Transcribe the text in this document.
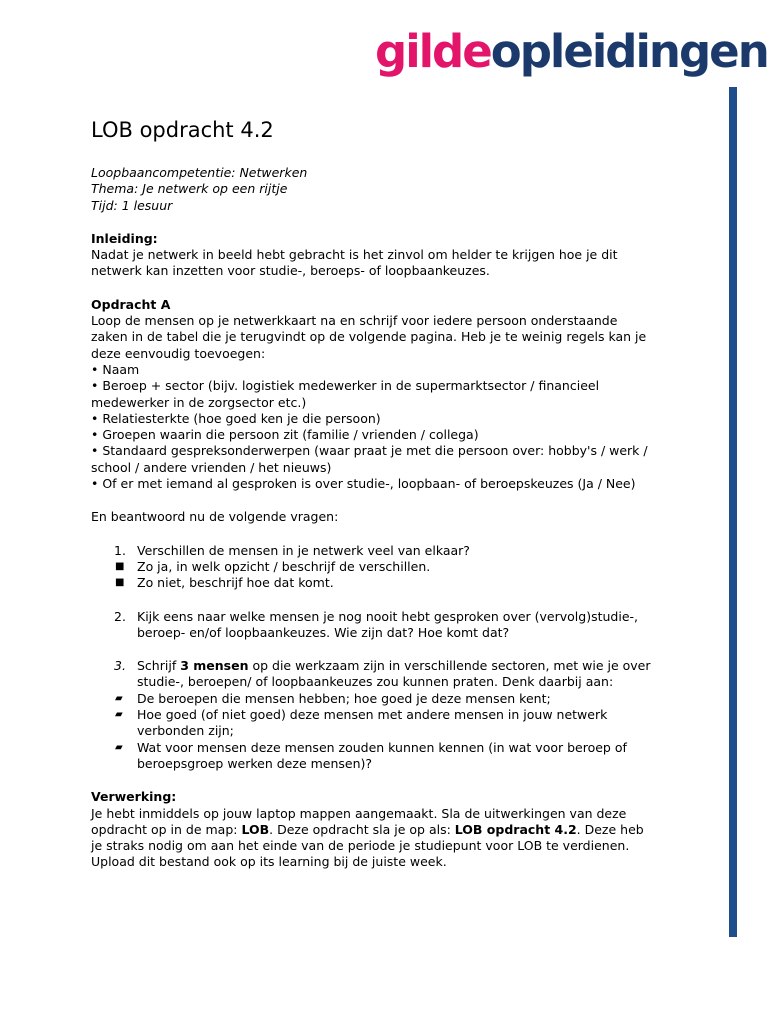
gildeopleidingen
LOB opdracht 4.2
Loopbaancompetentie: Netwerken
Thema: Je netwerk op een rijtje
Tijd: 1 lesuur
Inleiding:
Nadat je netwerk in beeld hebt gebracht is het zinvol om helder te krijgen hoe je dit netwerk kan inzetten voor studie-, beroeps- of loopbaankeuzes.
Opdracht A
Loop de mensen op je netwerkkaart na en schrijf voor iedere persoon onderstaande zaken in de tabel die je terugvindt op de volgende pagina. Heb je te weinig regels kan je deze eenvoudig toevoegen:
• Naam
• Beroep + sector (bijv. logistiek medewerker in de supermarktsector / financieel medewerker in de zorgsector etc.)
• Relatiesterkte (hoe goed ken je die persoon)
• Groepen waarin die persoon zit (familie / vrienden / collega)
• Standaard gespreksonderwerpen (waar praat je met die persoon over: hobby's / werk / school / andere vrienden / het nieuws)
• Of er met iemand al gesproken is over studie-, loopbaan- of beroepskeuzes (Ja / Nee)
En beantwoord nu de volgende vragen:
1. Verschillen de mensen in je netwerk veel van elkaar?
■ Zo ja, in welk opzicht / beschrijf de verschillen.
■ Zo niet, beschrijf hoe dat komt.
2. Kijk eens naar welke mensen je nog nooit hebt gesproken over (vervolg)studie-, beroep- en/of loopbaankeuzes. Wie zijn dat? Hoe komt dat?
3. Schrijf 3 mensen op die werkzaam zijn in verschillende sectoren, met wie je over studie-, beroepen/ of loopbaankeuzes zou kunnen praten. Denk daarbij aan:
▰ De beroepen die mensen hebben; hoe goed je deze mensen kent;
▰ Hoe goed (of niet goed) deze mensen met andere mensen in jouw netwerk verbonden zijn;
▰ Wat voor mensen deze mensen zouden kunnen kennen (in wat voor beroep of beroepsgroep werken deze mensen)?
Verwerking:
Je hebt inmiddels op jouw laptop mappen aangemaakt. Sla de uitwerkingen van deze opdracht op in de map: LOB. Deze opdracht sla je op als: LOB opdracht 4.2. Deze heb je straks nodig om aan het einde van de periode je studiepunt voor LOB te verdienen.
Upload dit bestand ook op its learning bij de juiste week.
